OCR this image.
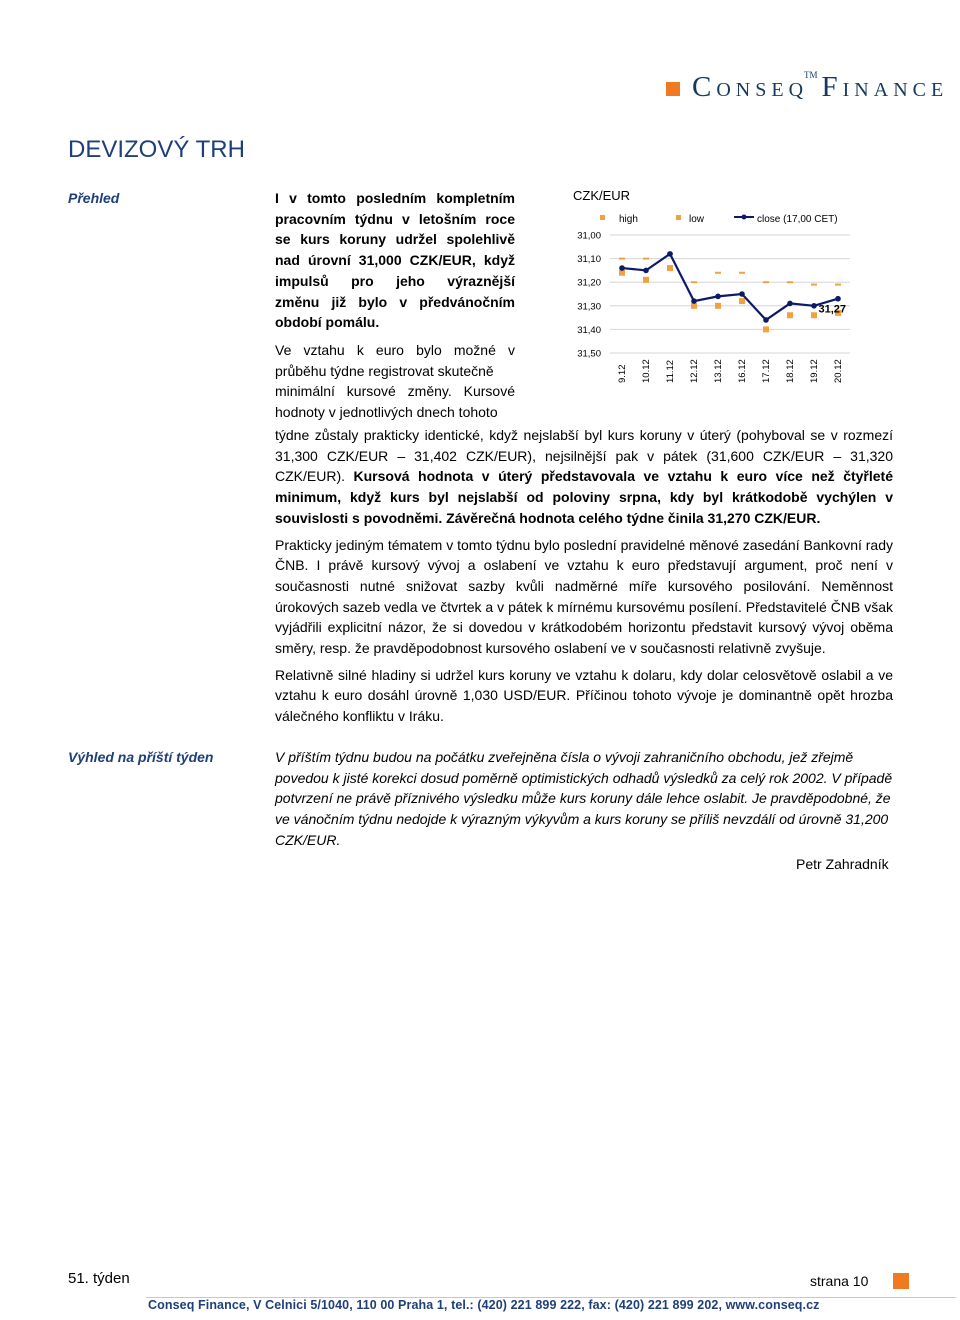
Conseq™ Finance
DEVIZOVÝ TRH
Přehled
Výhled na příští týden
I v tomto posledním kompletním
pracovním týdnu v letošním roce
se kurs koruny udržel spolehlivě
nad úrovní 31,000 CZK/EUR, když
impulsů pro jeho výraznější
změnu již bylo v předvánočním
období pomálu.
Ve vztahu k euro bylo možné v
průběhu týdne registrovat skutečně
minimální kursové změny. Kursové
hodnoty v jednotlivých dnech tohoto
CZK/EUR
high	low	close (17,00 CET)
31,00
31,10
31,20
31,30
31,40
31,50
9.12 10.12 11.12 12.12 13.12 16.12 17.12 18.12 19.12 20.12
31,27

týdne zůstaly prakticky identické, když nejslabší byl kurs koruny v úterý (pohyboval se v rozmezí 31,300 CZK/EUR – 31,402 CZK/EUR), nejsilnější pak v pátek (31,600 CZK/EUR – 31,320 CZK/EUR). Kursová hodnota v úterý představovala ve vztahu k euro více než čtyřleté minimum, když kurs byl nejslabší od poloviny srpna, kdy byl krátkodobě vychýlen v souvislosti s povodněmi. Závěrečná hodnota celého týdne činila 31,270 CZK/EUR.

Prakticky jediným tématem v tomto týdnu bylo poslední pravidelné měnové zasedání Bankovní rady ČNB. I právě kursový vývoj a oslabení ve vztahu k euro představují argument, proč není v současnosti nutné snižovat sazby kvůli nadměrné míře kursového posilování. Neměnnost úrokových sazeb vedla ve čtvrtek a v pátek k mírnému kursovému posílení. Představitelé ČNB však vyjádřili explicitní názor, že si dovedou v krátkodobém horizontu představit kursový vývoj oběma směry, resp. že pravděpodobnost kursového oslabení ve v současnosti relativně zvyšuje.

Relativně silné hladiny si udržel kurs koruny ve vztahu k dolaru, kdy dolar celosvětově oslabil a ve vztahu k euro dosáhl úrovně 1,030 USD/EUR. Příčinou tohoto vývoje je dominantně opět hrozba válečného konfliktu v Iráku.

V příštím týdnu budou na počátku zveřejněna čísla o vývoji zahraničního obchodu, jež zřejmě povedou k jisté korekci dosud poměrně optimistických odhadů výsledků za celý rok 2002. V případě potvrzení ne právě příznivého výsledku může kurs koruny dále lehce oslabit. Je pravděpodobné, že ve vánočním týdnu nedojde k výrazným výkyvům a kurs koruny se příliš nevzdálí od úrovně 31,200 CZK/EUR.
Petr Zahradník
51. týden	strana 10
Conseq Finance, V Celnici 5/1040, 110 00 Praha 1, tel.: (420) 221 899 222, fax: (420) 221 899 202, www.conseq.cz
